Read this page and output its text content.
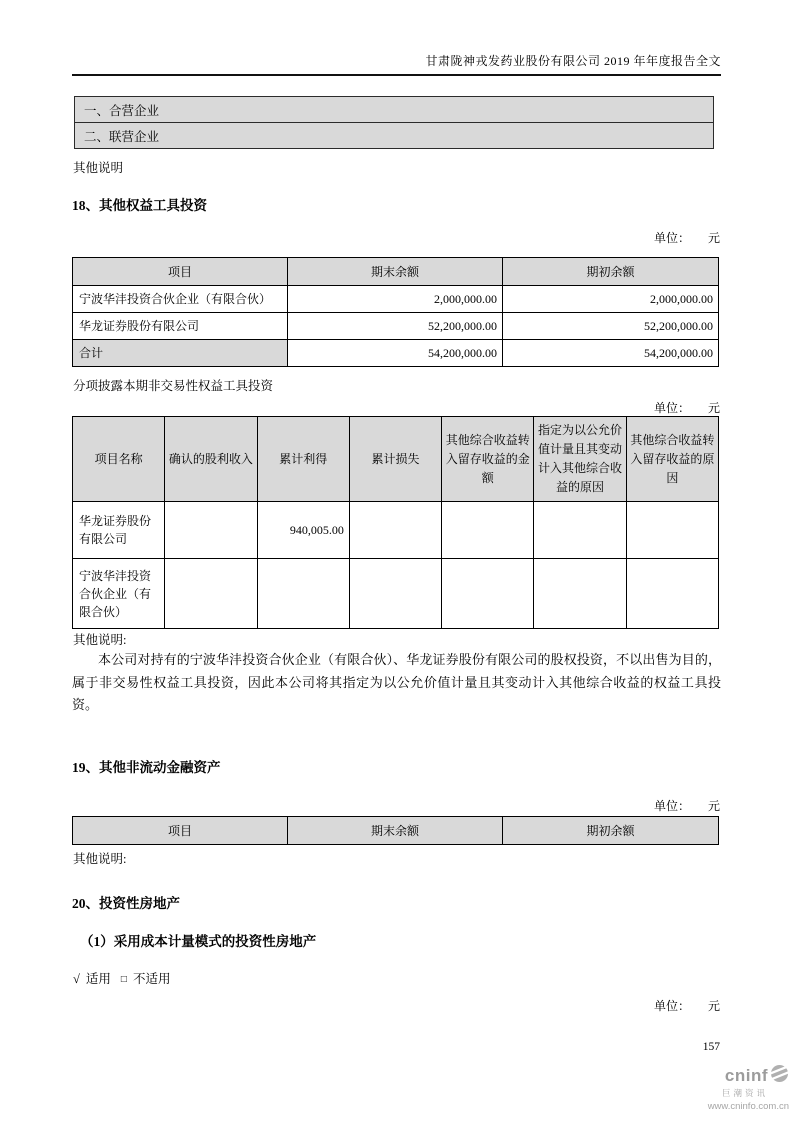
甘肃陇神戎发药业股份有限公司 2019 年年度报告全文
一、合营企业
二、联营企业
其他说明
18、其他权益工具投资
单位： 元
项目	期末余额	期初余额
宁波华沣投资合伙企业（有限合伙）	2,000,000.00	2,000,000.00
华龙证券股份有限公司	52,200,000.00	52,200,000.00
合计	54,200,000.00	54,200,000.00
分项披露本期非交易性权益工具投资
单位： 元
项目名称	确认的股利收入	累计利得	累计损失	其他综合收益转入留存收益的金额	指定为以公允价值计量且其变动计入其他综合收益的原因	其他综合收益转入留存收益的原因
华龙证券股份有限公司		940,005.00				
宁波华沣投资合伙企业（有限合伙）						
其他说明:
本公司对持有的宁波华沣投资合伙企业（有限合伙）、华龙证券股份有限公司的股权投资，不以出售为目的，属于非交易性权益工具投资，因此本公司将其指定为以公允价值计量且其变动计入其他综合收益的权益工具投资。
19、其他非流动金融资产
单位： 元
项目	期末余额	期初余额
其他说明:
20、投资性房地产
（1）采用成本计量模式的投资性房地产
√ 适用 □ 不适用
单位： 元
157
cninf
巨潮资讯
www.cninfo.com.cn
